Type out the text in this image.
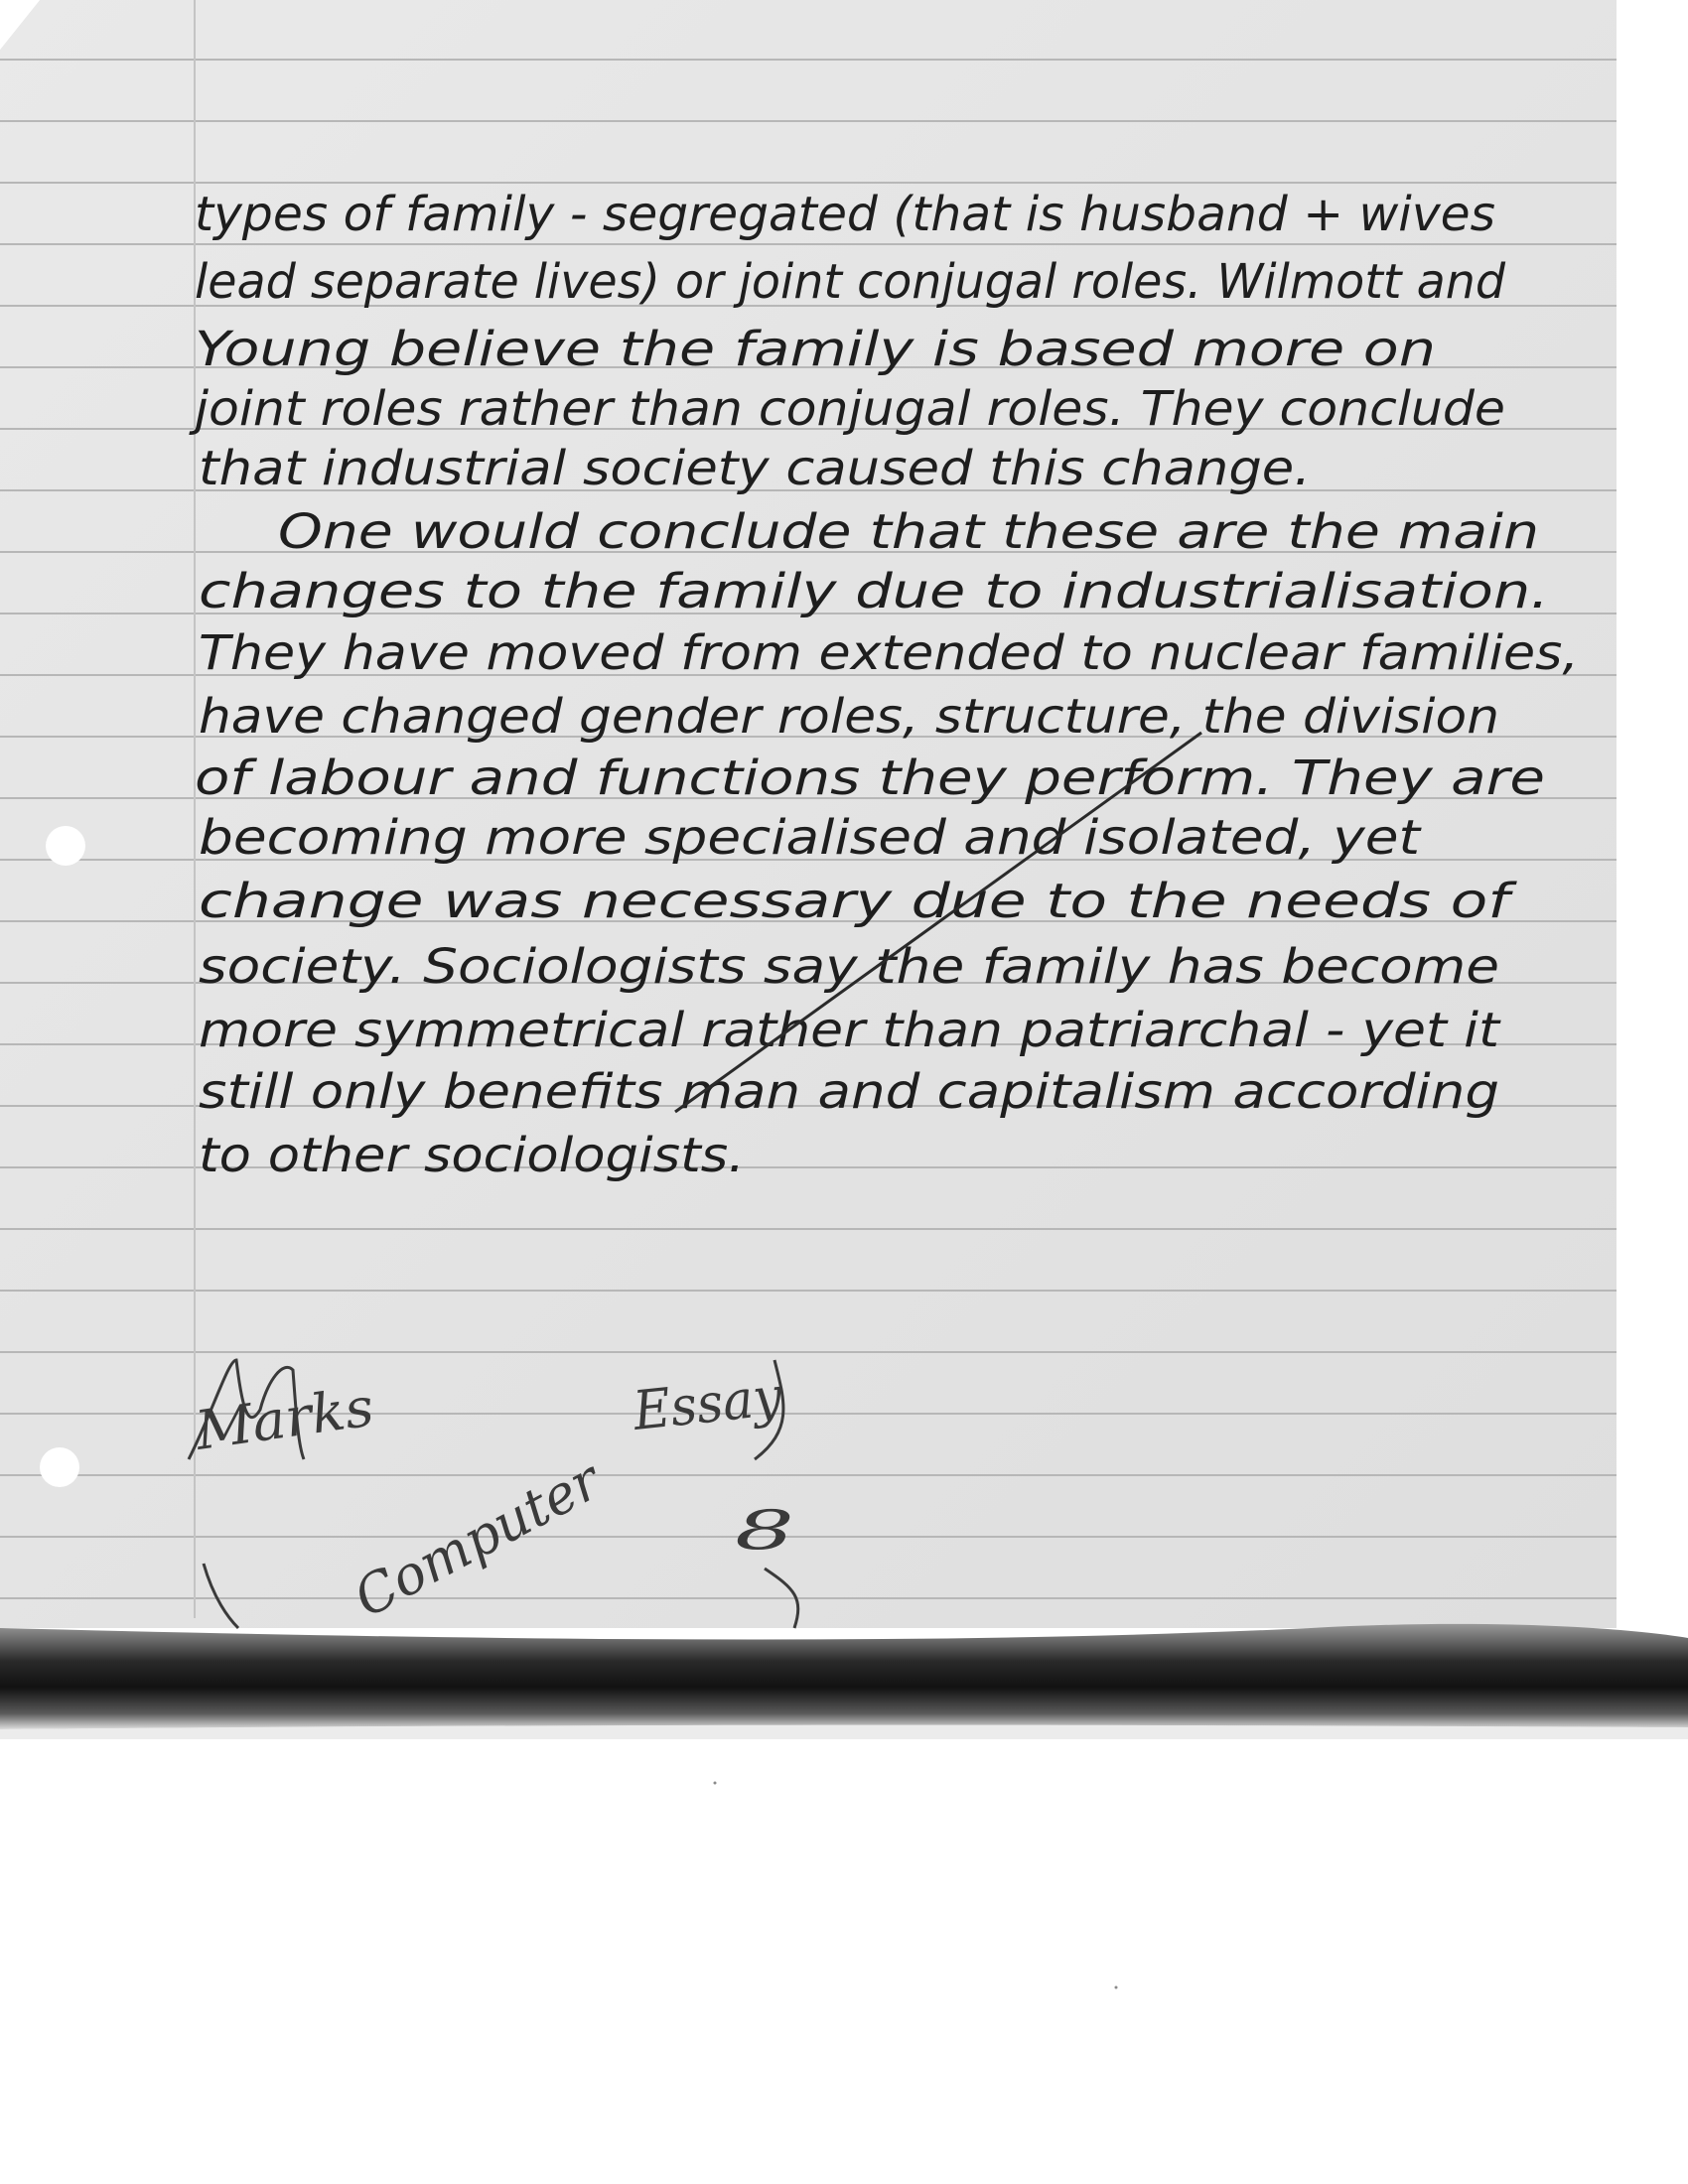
types of family - segregated (that is husband + wives
lead separate lives) or joint conjugal roles. Wilmott and
Young believe the family is based more on
joint roles rather than conjugal roles. They conclude
that industrial society caused this change.
One would conclude that these are the main
changes to the family due to industrialisation.
They have moved from extended to nuclear families,
have changed gender roles, structure, the division
of labour and functions they perform. They are
becoming more specialised and isolated, yet
change was necessary due to the needs of
society. Sociologists say the family has become
more symmetrical rather than patriarchal - yet it
still only benefits man and capitalism according
to other sociologists.
Marks	Essay
Computer 8
